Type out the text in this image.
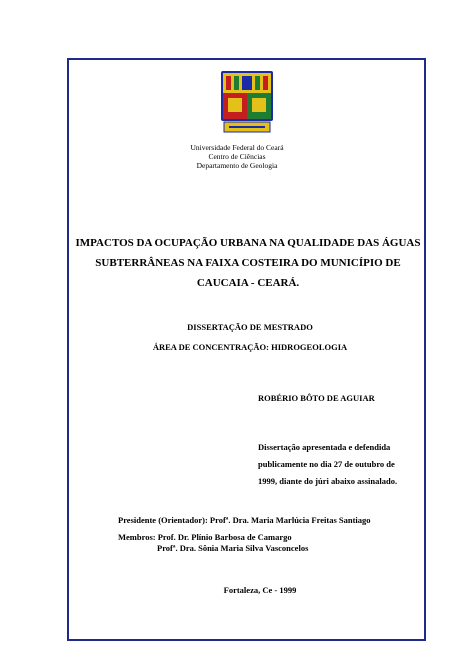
Universidade Federal do Ceará
Centro de Ciências
Departamento de Geologia
IMPACTOS DA OCUPAÇÃO URBANA NA QUALIDADE DAS ÁGUAS
SUBTERRÂNEAS NA FAIXA COSTEIRA DO MUNICÍPIO DE
CAUCAIA - CEARÁ.
DISSERTAÇÃO DE MESTRADO
ÁREA DE CONCENTRAÇÃO: HIDROGEOLOGIA
ROBÉRIO BÔTO DE AGUIAR
Dissertação apresentada e defendida
publicamente no dia 27 de outubro de
1999, diante do júri abaixo assinalado.
Presidente (Orientador): Profª. Dra. Maria Marlúcia Freitas Santiago
Membros: Prof. Dr. Plínio Barbosa de Camargo
Profª. Dra. Sônia Maria Silva Vasconcelos
Fortaleza, Ce - 1999
